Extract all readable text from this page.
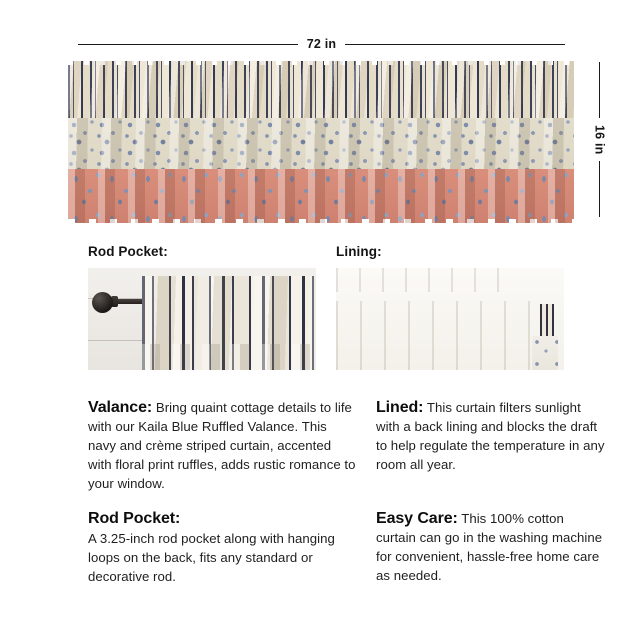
72 in
16 in
Rod Pocket:	Lining:
Valance: Bring quaint cottage details to life with our Kaila Blue Ruffled Valance. This navy and crème striped curtain, accented with floral print ruffles, adds rustic romance to your window.
Lined: This curtain filters sunlight with a back lining and blocks the draft to help regulate the temperature in any room all year.
Rod Pocket:
A 3.25-inch rod pocket along with hanging loops on the back, fits any standard or decorative rod.
Easy Care: This 100% cotton curtain can go in the washing machine for convenient, hassle-free home care as needed.
